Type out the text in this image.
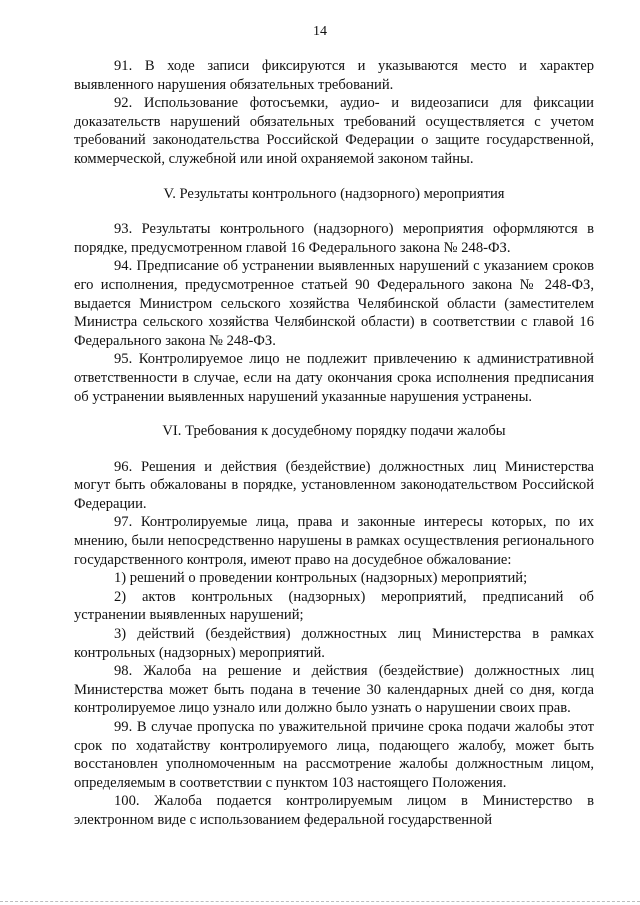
14

91. В ходе записи фиксируются и указываются место и характер выявленного нарушения обязательных требований.

92. Использование фотосъемки, аудио- и видеозаписи для фиксации доказательств нарушений обязательных требований осуществляется с учетом требований законодательства Российской Федерации о защите государственной, коммерческой, служебной или иной охраняемой законом тайны.

V. Результаты контрольного (надзорного) мероприятия

93. Результаты контрольного (надзорного) мероприятия оформляются в порядке, предусмотренном главой 16 Федерального закона № 248-ФЗ.

94. Предписание об устранении выявленных нарушений с указанием сроков его исполнения, предусмотренное статьей 90 Федерального закона № 248-ФЗ, выдается Министром сельского хозяйства Челябинской области (заместителем Министра сельского хозяйства Челябинской области) в соответствии с главой 16 Федерального закона № 248-ФЗ.

95. Контролируемое лицо не подлежит привлечению к административной ответственности в случае, если на дату окончания срока исполнения предписания об устранении выявленных нарушений указанные нарушения устранены.

VI. Требования к досудебному порядку подачи жалобы

96. Решения и действия (бездействие) должностных лиц Министерства могут быть обжалованы в порядке, установленном законодательством Российской Федерации.

97. Контролируемые лица, права и законные интересы которых, по их мнению, были непосредственно нарушены в рамках осуществления регионального государственного контроля, имеют право на досудебное обжалование:

1) решений о проведении контрольных (надзорных) мероприятий;

2) актов контрольных (надзорных) мероприятий, предписаний об устранении выявленных нарушений;

3) действий (бездействия) должностных лиц Министерства в рамках контрольных (надзорных) мероприятий.

98. Жалоба на решение и действия (бездействие) должностных лиц Министерства может быть подана в течение 30 календарных дней со дня, когда контролируемое лицо узнало или должно было узнать о нарушении своих прав.

99. В случае пропуска по уважительной причине срока подачи жалобы этот срок по ходатайству контролируемого лица, подающего жалобу, может быть восстановлен уполномоченным на рассмотрение жалобы должностным лицом, определяемым в соответствии с пунктом 103 настоящего Положения.

100. Жалоба подается контролируемым лицом в Министерство в электронном виде с использованием федеральной государственной
